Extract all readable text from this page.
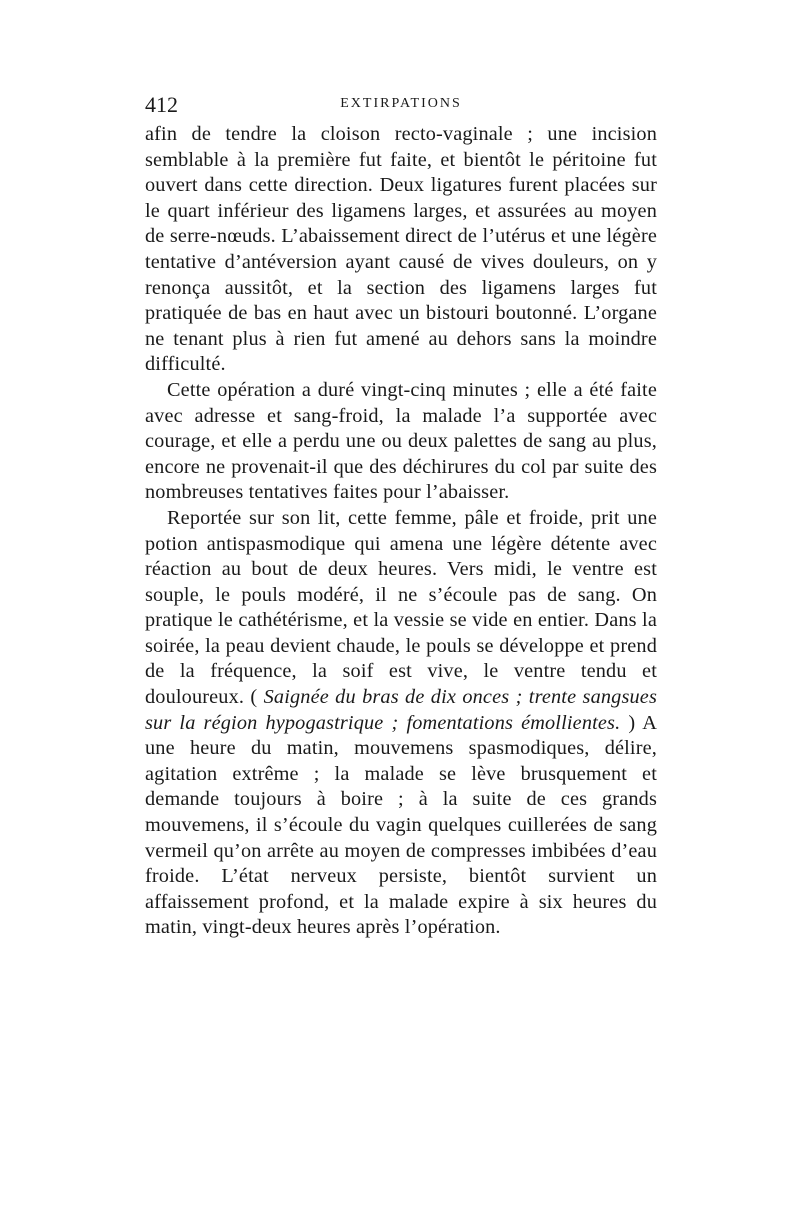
412	EXTIRPATIONS

afin de tendre la cloison recto-vaginale ; une incision semblable à la première fut faite, et bientôt le péritoine fut ouvert dans cette direction. Deux ligatures furent placées sur le quart inférieur des ligamens larges, et assurées au moyen de serre-nœuds. L’abaissement direct de l’utérus et une légère tentative d’antéversion ayant causé de vives douleurs, on y renonça aussitôt, et la section des ligamens larges fut pratiquée de bas en haut avec un bistouri boutonné. L’organe ne tenant plus à rien fut amené au dehors sans la moindre difficulté.

Cette opération a duré vingt-cinq minutes ; elle a été faite avec adresse et sang-froid, la malade l’a supportée avec courage, et elle a perdu une ou deux palettes de sang au plus, encore ne provenait-il que des déchirures du col par suite des nombreuses tentatives faites pour l’abaisser.

Reportée sur son lit, cette femme, pâle et froide, prit une potion antispasmodique qui amena une légère détente avec réaction au bout de deux heures. Vers midi, le ventre est souple, le pouls modéré, il ne s’écoule pas de sang. On pratique le cathétérisme, et la vessie se vide en entier. Dans la soirée, la peau devient chaude, le pouls se développe et prend de la fréquence, la soif est vive, le ventre tendu et douloureux. ( Saignée du bras de dix onces ; trente sangsues sur la région hypogastrique ; fomentations émollientes. ) A une heure du matin, mouvemens spasmodiques, délire, agitation extrême ; la malade se lève brusquement et demande toujours à boire ; à la suite de ces grands mouvemens, il s’écoule du vagin quelques cuillerées de sang vermeil qu’on arrête au moyen de compresses imbibées d’eau froide. L’état nerveux persiste, bientôt survient un affaissement profond, et la malade expire à six heures du matin, vingt-deux heures après l’opération.
